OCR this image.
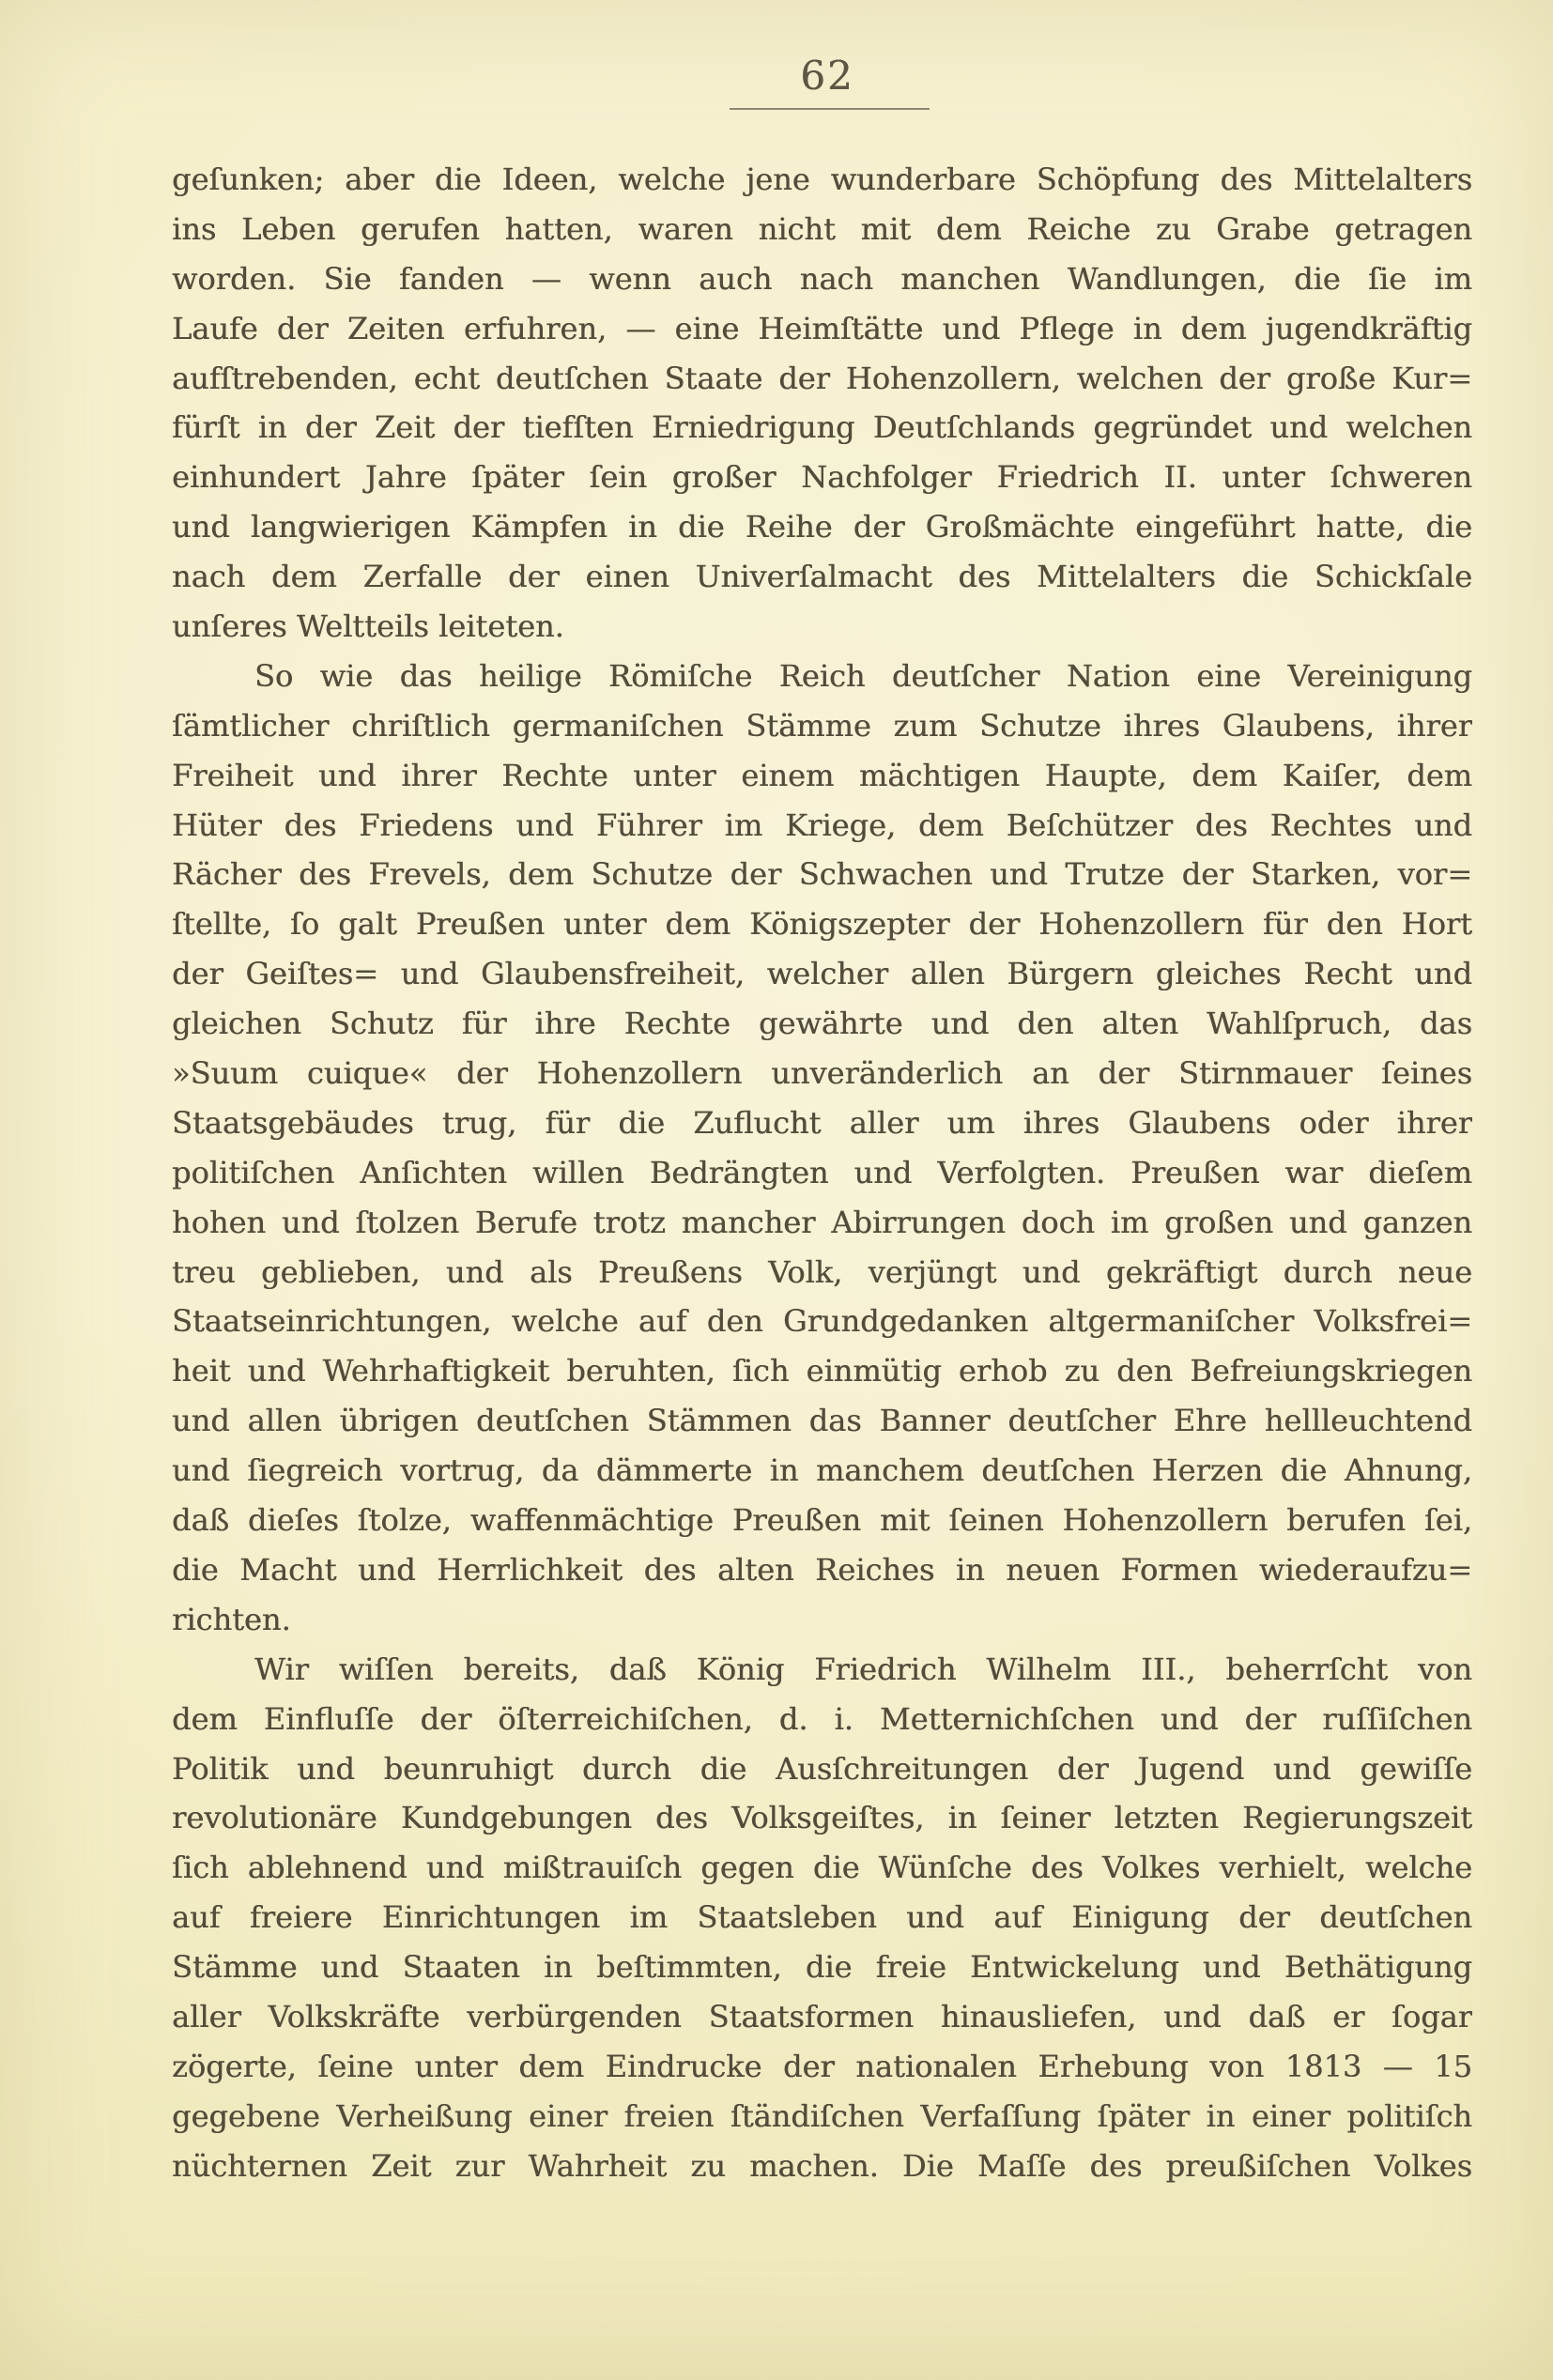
62
geſunken; aber die Ideen, welche jene wunderbare Schöpfung des Mittelalters
ins Leben gerufen hatten, waren nicht mit dem Reiche zu Grabe getragen
worden. Sie fanden — wenn auch nach manchen Wandlungen, die ſie im
Laufe der Zeiten erfuhren, — eine Heimſtätte und Pflege in dem jugendkräftig
aufſtrebenden, echt deutſchen Staate der Hohenzollern, welchen der große Kur=
fürſt in der Zeit der tiefſten Erniedrigung Deutſchlands gegründet und welchen
einhundert Jahre ſpäter ſein großer Nachfolger Friedrich II. unter ſchweren
und langwierigen Kämpfen in die Reihe der Großmächte eingeführt hatte, die
nach dem Zerfalle der einen Univerſalmacht des Mittelalters die Schickſale
unſeres Weltteils leiteten.
So wie das heilige Römiſche Reich deutſcher Nation eine Vereinigung
ſämtlicher chriſtlich germaniſchen Stämme zum Schutze ihres Glaubens, ihrer
Freiheit und ihrer Rechte unter einem mächtigen Haupte, dem Kaiſer, dem
Hüter des Friedens und Führer im Kriege, dem Beſchützer des Rechtes und
Rächer des Frevels, dem Schutze der Schwachen und Trutze der Starken, vor=
ſtellte, ſo galt Preußen unter dem Königszepter der Hohenzollern für den Hort
der Geiſtes= und Glaubensfreiheit, welcher allen Bürgern gleiches Recht und
gleichen Schutz für ihre Rechte gewährte und den alten Wahlſpruch, das
»Suum cuique« der Hohenzollern unveränderlich an der Stirnmauer ſeines
Staatsgebäudes trug, für die Zuflucht aller um ihres Glaubens oder ihrer
politiſchen Anſichten willen Bedrängten und Verfolgten. Preußen war dieſem
hohen und ſtolzen Berufe trotz mancher Abirrungen doch im großen und ganzen
treu geblieben, und als Preußens Volk, verjüngt und gekräftigt durch neue
Staatseinrichtungen, welche auf den Grundgedanken altgermaniſcher Volksfrei=
heit und Wehrhaftigkeit beruhten, ſich einmütig erhob zu den Befreiungskriegen
und allen übrigen deutſchen Stämmen das Banner deutſcher Ehre hellleuchtend
und ſiegreich vortrug, da dämmerte in manchem deutſchen Herzen die Ahnung,
daß dieſes ſtolze, waffenmächtige Preußen mit ſeinen Hohenzollern berufen ſei,
die Macht und Herrlichkeit des alten Reiches in neuen Formen wiederaufzu=
richten.
Wir wiſſen bereits, daß König Friedrich Wilhelm III., beherrſcht von
dem Einfluſſe der öſterreichiſchen, d. i. Metternichſchen und der ruſſiſchen
Politik und beunruhigt durch die Ausſchreitungen der Jugend und gewiſſe
revolutionäre Kundgebungen des Volksgeiſtes, in ſeiner letzten Regierungszeit
ſich ablehnend und mißtrauiſch gegen die Wünſche des Volkes verhielt, welche
auf freiere Einrichtungen im Staatsleben und auf Einigung der deutſchen
Stämme und Staaten in beſtimmten, die freie Entwickelung und Bethätigung
aller Volkskräfte verbürgenden Staatsformen hinausliefen, und daß er ſogar
zögerte, ſeine unter dem Eindrucke der nationalen Erhebung von 1813 — 15
gegebene Verheißung einer freien ſtändiſchen Verfaſſung ſpäter in einer politiſch
nüchternen Zeit zur Wahrheit zu machen. Die Maſſe des preußiſchen Volkes
